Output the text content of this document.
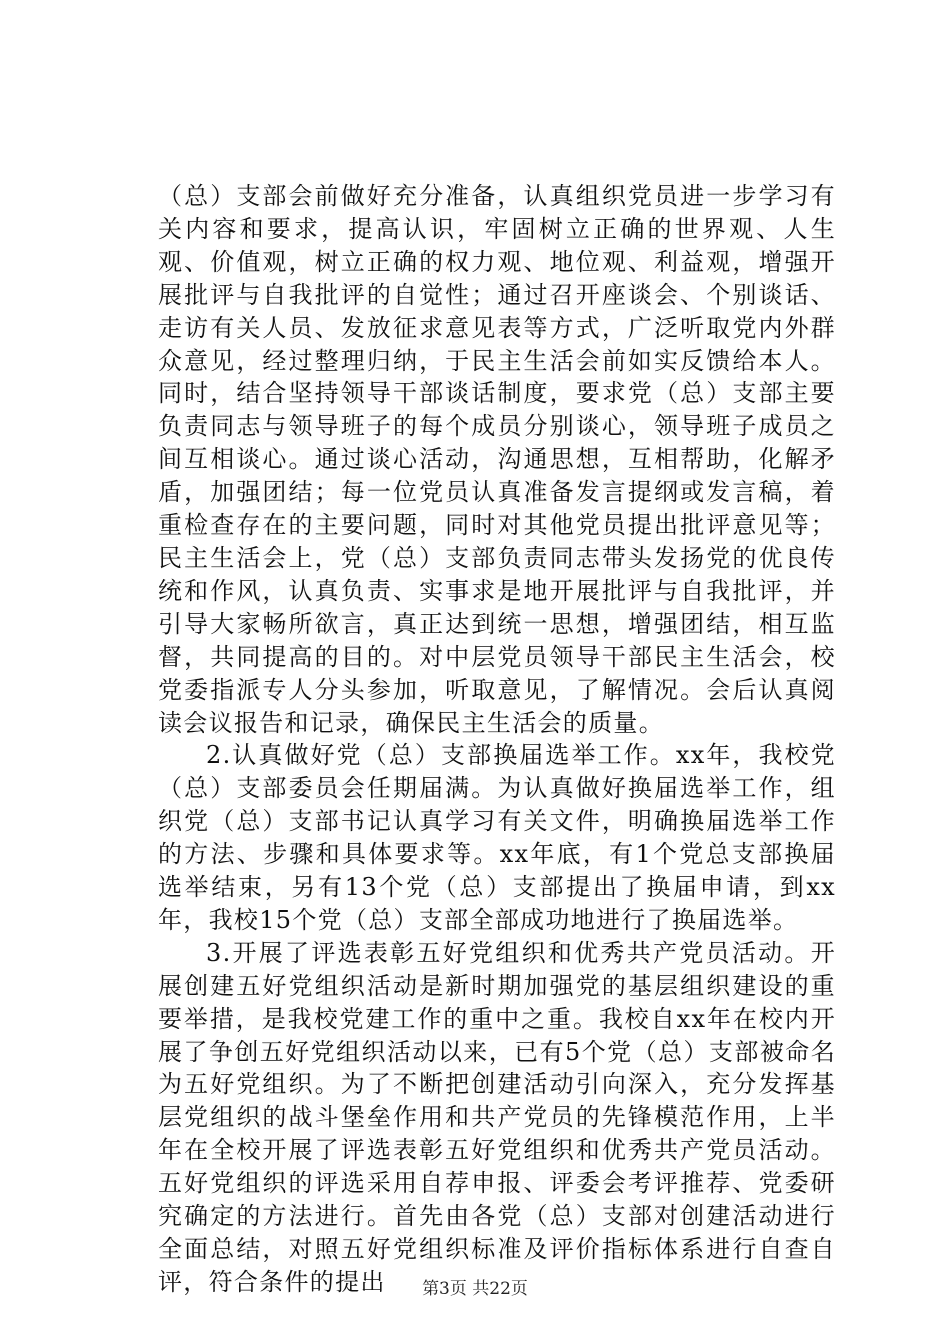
（总）支部会前做好充分准备，认真组织党员进一步学习有关内容和要求，提高认识，牢固树立正确的世界观、人生观、价值观，树立正确的权力观、地位观、利益观，增强开展批评与自我批评的自觉性；通过召开座谈会、个别谈话、走访有关人员、发放征求意见表等方式，广泛听取党内外群众意见，经过整理归纳，于民主生活会前如实反馈给本人。同时，结合坚持领导干部谈话制度，要求党（总）支部主要负责同志与领导班子的每个成员分别谈心，领导班子成员之间互相谈心。通过谈心活动，沟通思想，互相帮助，化解矛盾，加强团结；每一位党员认真准备发言提纲或发言稿，着重检查存在的主要问题，同时对其他党员提出批评意见等；民主生活会上，党（总）支部负责同志带头发扬党的优良传统和作风，认真负责、实事求是地开展批评与自我批评，并引导大家畅所欲言，真正达到统一思想，增强团结，相互监督，共同提高的目的。对中层党员领导干部民主生活会，校党委指派专人分头参加，听取意见，了解情况。会后认真阅读会议报告和记录，确保民主生活会的质量。

2.认真做好党（总）支部换届选举工作。xx年，我校党（总）支部委员会任期届满。为认真做好换届选举工作，组织党（总）支部书记认真学习有关文件，明确换届选举工作的方法、步骤和具体要求等。xx年底，有1个党总支部换届选举结束，另有13个党（总）支部提出了换届申请，到xx年，我校15个党（总）支部全部成功地进行了换届选举。

3.开展了评选表彰五好党组织和优秀共产党员活动。开展创建五好党组织活动是新时期加强党的基层组织建设的重要举措，是我校党建工作的重中之重。我校自xx年在校内开展了争创五好党组织活动以来，已有5个党（总）支部被命名为五好党组织。为了不断把创建活动引向深入，充分发挥基层党组织的战斗堡垒作用和共产党员的先锋模范作用，上半年在全校开展了评选表彰五好党组织和优秀共产党员活动。五好党组织的评选采用自荐申报、评委会考评推荐、党委研究确定的方法进行。首先由各党（总）支部对创建活动进行全面总结，对照五好党组织标准及评价指标体系进行自查自评，符合条件的提出	第3页 共22页
